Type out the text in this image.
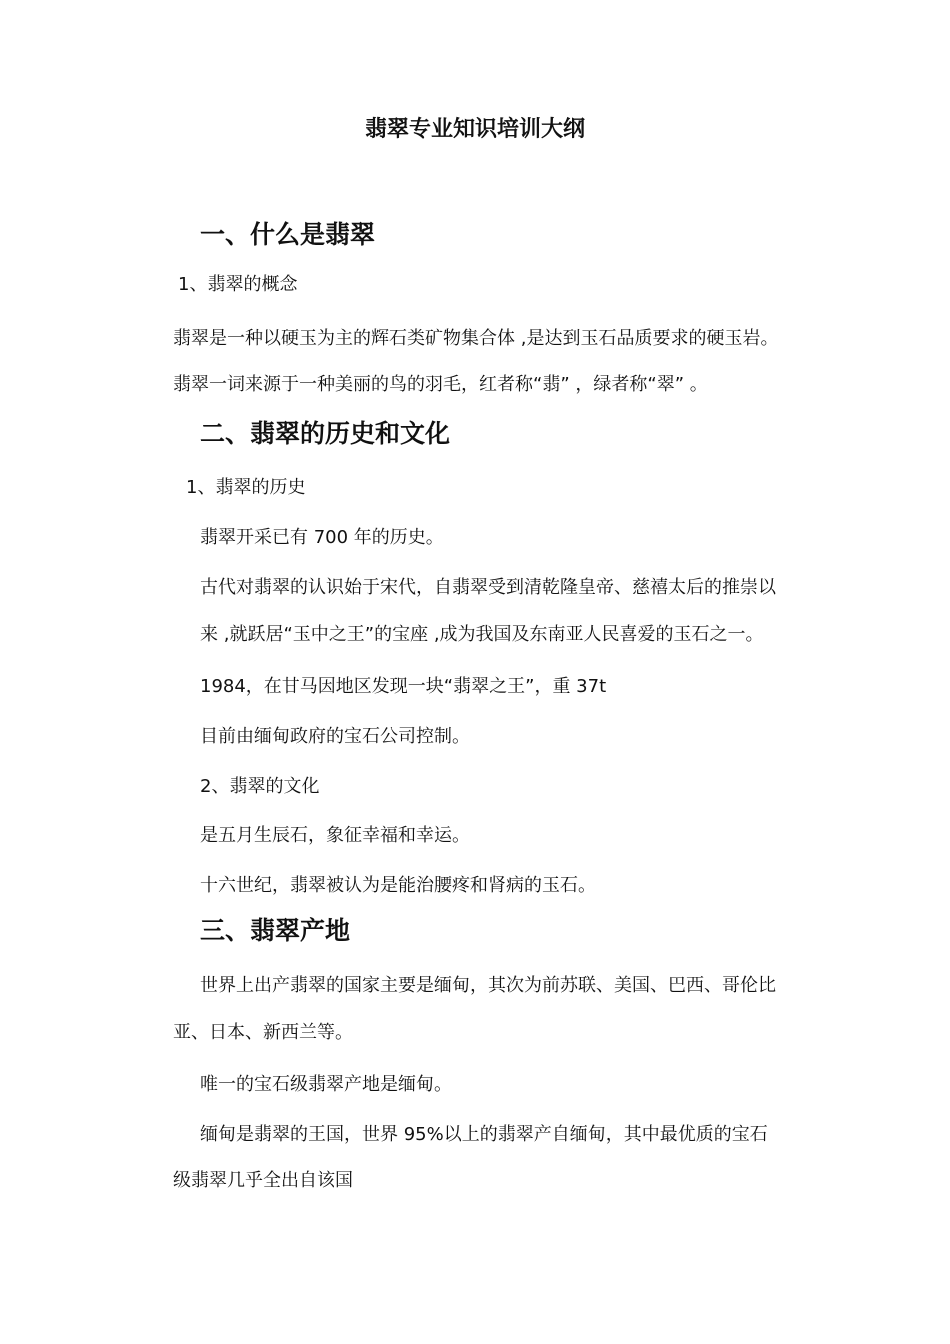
翡翠专业知识培训大纲
一、什么是翡翠
1、翡翠的概念
翡翠是一种以硬玉为主的辉石类矿物集合体 ,是达到玉石品质要求的硬玉岩。
翡翠一词来源于一种美丽的鸟的羽毛，红者称“翡” ，绿者称“翠” 。
二、翡翠的历史和文化
1、翡翠的历史
翡翠开采已有 700 年的历史。
古代对翡翠的认识始于宋代，自翡翠受到清乾隆皇帝、慈禧太后的推崇以
来 ,就跃居“玉中之王”的宝座 ,成为我国及东南亚人民喜爱的玉石之一。
1984，在甘马因地区发现一块“翡翠之王”，重 37t
目前由缅甸政府的宝石公司控制。
2、翡翠的文化
是五月生辰石，象征幸福和幸运。
十六世纪，翡翠被认为是能治腰疼和肾病的玉石。
三、翡翠产地
世界上出产翡翠的国家主要是缅甸，其次为前苏联、美国、巴西、哥伦比
亚、日本、新西兰等。
唯一的宝石级翡翠产地是缅甸。
缅甸是翡翠的王国，世界 95%以上的翡翠产自缅甸，其中最优质的宝石
级翡翠几乎全出自该国
